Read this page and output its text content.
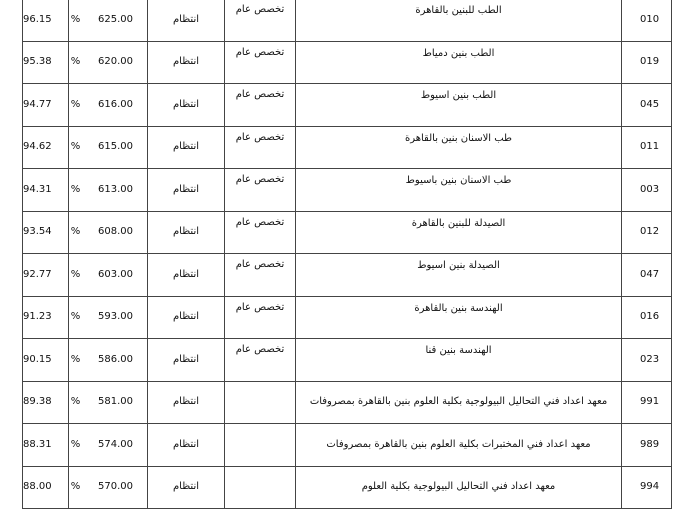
96.15 %	625.00	انتظام	تخصص عام	الطب للبنين بالقاهرة	010
95.38 %	620.00	انتظام	تخصص عام	الطب بنين دمياط	019
94.77 %	616.00	انتظام	تخصص عام	الطب بنين اسيوط	045
94.62 %	615.00	انتظام	تخصص عام	طب الاسنان بنين بالقاهرة	011
94.31 %	613.00	انتظام	تخصص عام	طب الاسنان بنين باسيوط	003
93.54 %	608.00	انتظام	تخصص عام	الصيدلة للبنين بالقاهرة	012
92.77 %	603.00	انتظام	تخصص عام	الصيدلة بنين اسيوط	047
91.23 %	593.00	انتظام	تخصص عام	الهندسة بنين بالقاهرة	016
90.15 %	586.00	انتظام	تخصص عام	الهندسة بنين قنا	023
89.38 %	581.00	انتظام		معهد اعداد فني التحاليل البيولوجية بكلية العلوم بنين بالقاهرة بمصروفات	991
88.31 %	574.00	انتظام		معهد اعداد فني المختبرات بكلية العلوم بنين بالقاهرة بمصروفات	989
88.00 %	570.00	انتظام		معهد اعداد فني التحاليل البيولوجية بكلية العلوم	994
